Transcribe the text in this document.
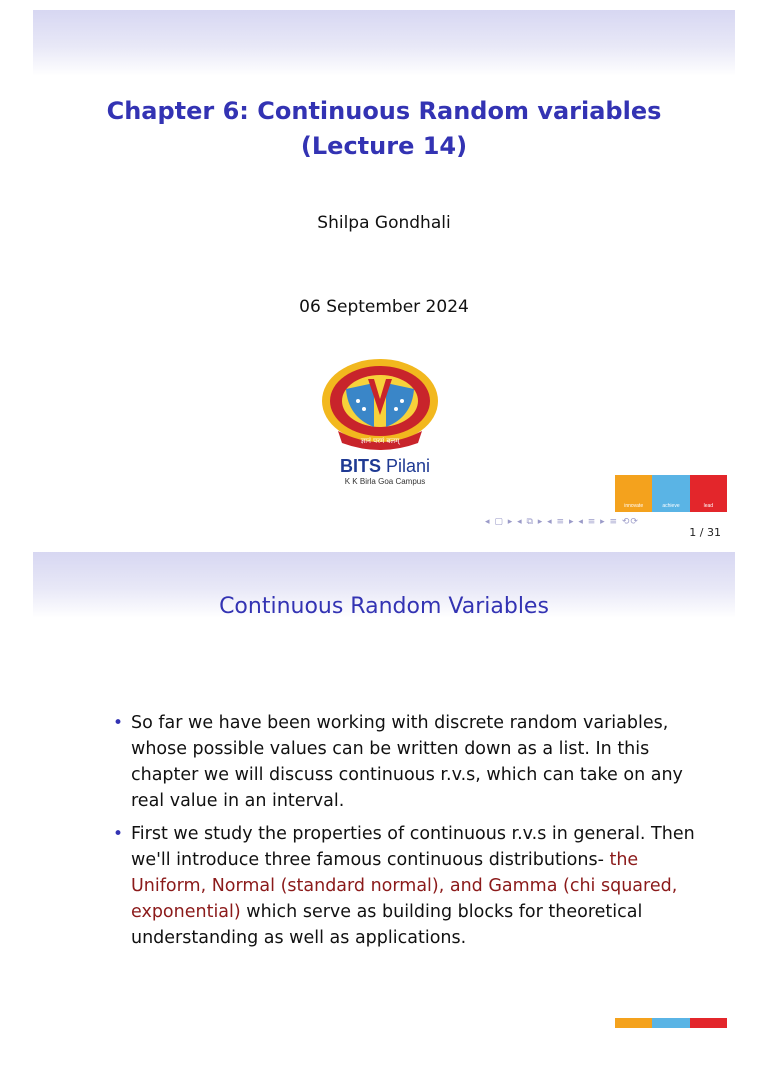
Chapter 6: Continuous Random variables
(Lecture 14)
Shilpa Gondhali
06 September 2024
ज्ञानं परमं बलम्
BITS Pilani
K K Birla Goa Campus
innovate	achieve	lead
◂ ▢ ▸ ◂ ⧉ ▸ ◂ ≡ ▸ ◂ ≡ ▸ ≡ ⟲⟳
1 / 31
Continuous Random Variables
• So far we have been working with discrete random variables, whose possible values can be written down as a list. In this chapter we will discuss continuous r.v.s, which can take on any real value in an interval.
• First we study the properties of continuous r.v.s in general. Then we'll introduce three famous continuous distributions- the Uniform, Normal (standard normal), and Gamma (chi squared, exponential) which serve as building blocks for theoretical understanding as well as applications.
